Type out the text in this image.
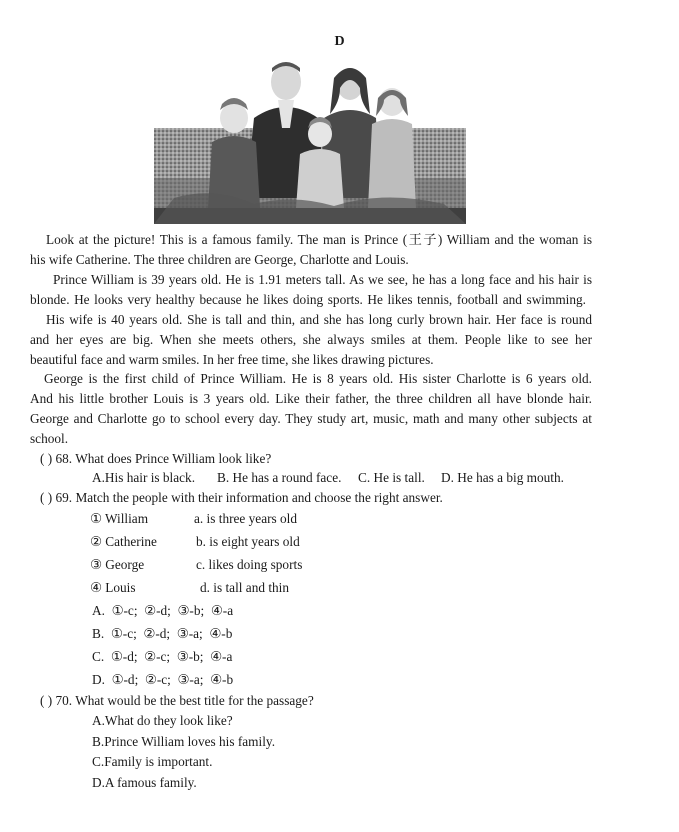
D
Look at the picture! This is a famous family. The man is Prince (王子) William and the woman is
his wife Catherine. The three children are George, Charlotte and Louis.
Prince William is 39 years old. He is 1.91 meters tall. As we see, he has a long face and his hair is
blonde. He looks very healthy because he likes doing sports. He likes tennis, football and swimming.
His wife is 40 years old. She is tall and thin, and she has long curly brown hair. Her face is round
and her eyes are big. When she meets others, she always smiles at them. People like to see her
beautiful face and warm smiles. In her free time, she likes drawing pictures.
George is the first child of Prince William. He is 8 years old. His sister Charlotte is 6 years old.
And his little brother Louis is 3 years old. Like their father, the three children all have blonde hair.
George and Charlotte go to school every day. They study art, music, math and many other subjects at
school.
( ) 68. What does Prince William look like?
A.His hair is black. B. He has a round face. C. He is tall. D. He has a big mouth.
( ) 69. Match the people with their information and choose the right answer.
① William	a. is three years old
② Catherine	b. is eight years old
③ George	c. likes doing sports
④ Louis	d. is tall and thin
A.  ①-c;  ②-d;  ③-b;  ④-a
B.  ①-c;  ②-d;  ③-a;  ④-b
C.  ①-d;  ②-c;  ③-b;  ④-a
D.  ①-d;  ②-c;  ③-a;  ④-b
( ) 70. What would be the best title for the passage?
A.What do they look like?
B.Prince William loves his family.
C.Family is important.
D.A famous family.
